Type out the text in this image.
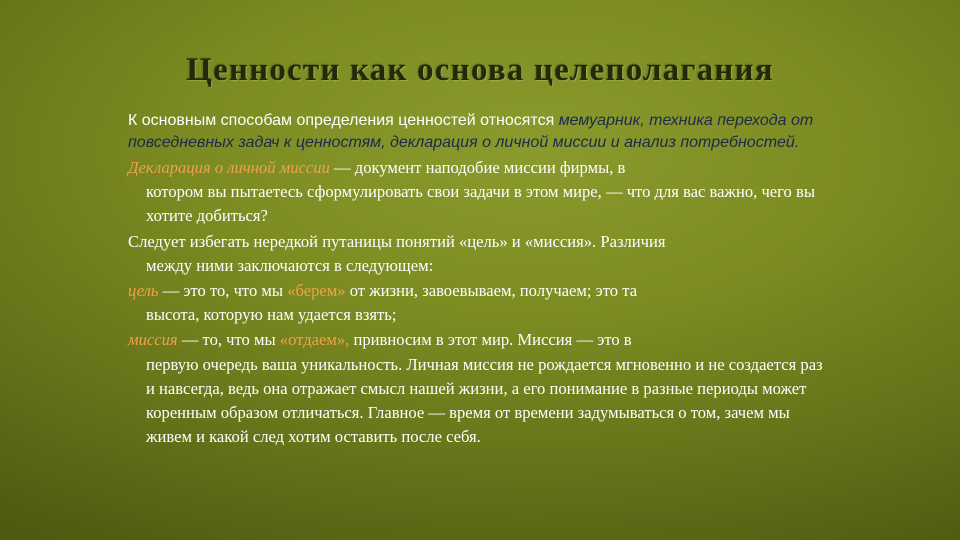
Ценности как основа целеполагания

К основным способам определения ценностей относятся мемуарник, техника перехода от повседневных задач к ценностям, декларация о личной миссии и анализ потребностей.

Декларация о личной миссии — документ наподобие миссии фирмы, в
котором вы пытаетесь сформулировать свои задачи в этом мире, — что для вас важно, чего вы хотите добиться?

Следует избегать нередкой путаницы понятий «цель» и «миссия». Различия
между ними заключаются в следующем:

цель — это то, что мы «берем» от жизни, завоевываем, получаем; это та
высота, которую нам удается взять;

миссия — то, что мы «отдаем», привносим в этот мир. Миссия — это в
первую очередь ваша уникальность. Личная миссия не рождается мгновенно и не создается раз и навсегда, ведь она отражает смысл нашей жизни, а его понимание в разные периоды может коренным образом отличаться. Главное — время от времени задумываться о том, зачем мы живем и какой след хотим оставить после себя.
